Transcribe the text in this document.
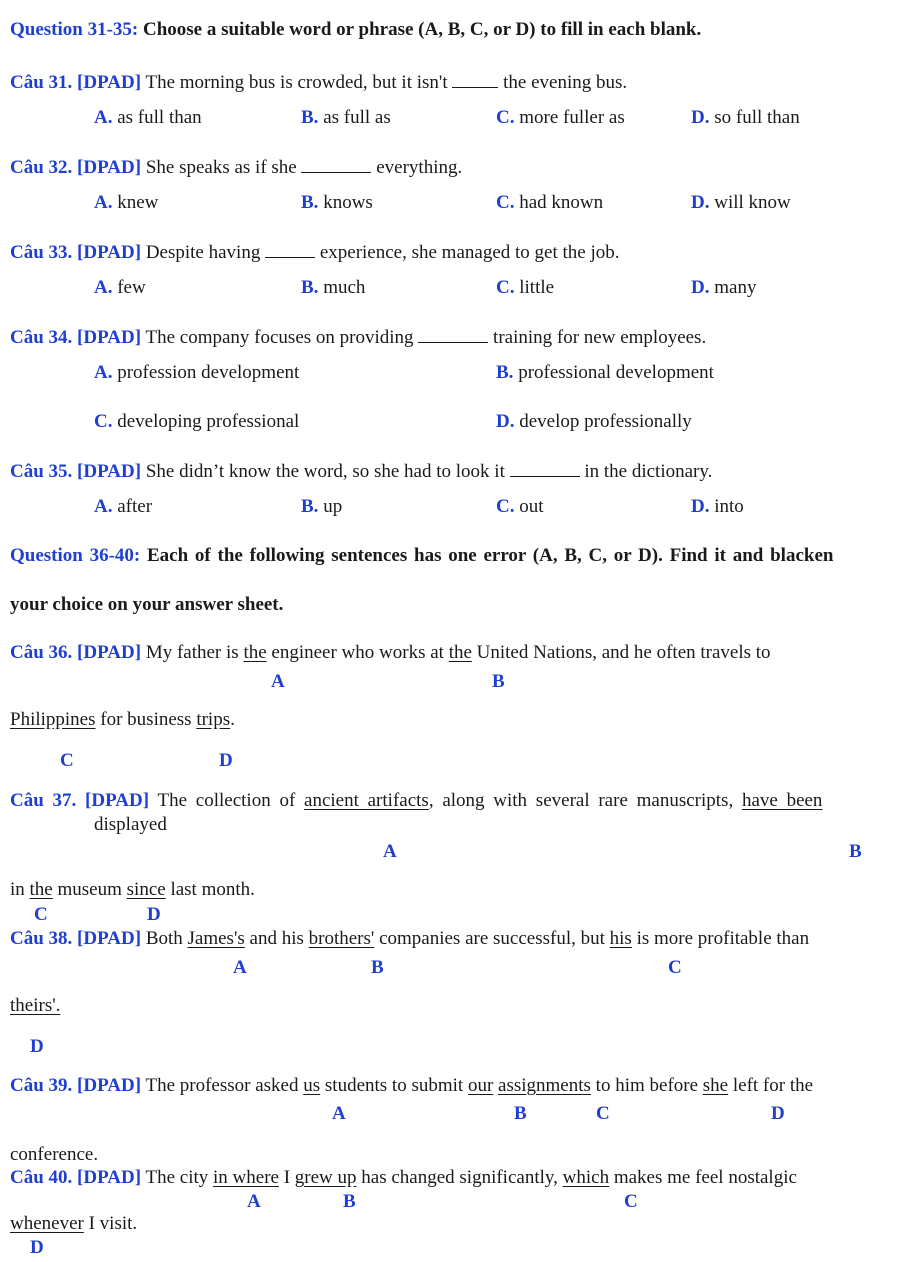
Question 31-35: Choose a suitable word or phrase (A, B, C, or D) to fill in each blank.
Câu 31. [DPAD] The morning bus is crowded, but it isn't	the evening bus.
A. as full than	B. as full as	C. more fuller as	D. so full than
Câu 32. [DPAD] She speaks as if she	everything.
A. knew	B. knows	C. had known	D. will know
Câu 33. [DPAD] Despite having	experience, she managed to get the job.
A. few	B. much	C. little	D. many
Câu 34. [DPAD] The company focuses on providing	training for new employees.
A. profession development	B. professional development
C. developing professional	D. develop professionally
Câu 35. [DPAD] She didn’t know the word, so she had to look it	in the dictionary.
A. after	B. up	C. out	D. into
Question 36-40: Each of the following sentences has one error (A, B, C, or D). Find it and blacken
your choice on your answer sheet.
Câu 36. [DPAD] My father is the engineer who works at the United Nations, and he often travels to
A	B
Philippines for business trips.
C	D
Câu 37. [DPAD] The collection of ancient artifacts, along with several rare manuscripts, have been
displayed
A	B
in the museum since last month.
C	D
Câu 38. [DPAD] Both James's and his brothers' companies are successful, but his is more profitable than
A	B	C
theirs'.
D
Câu 39. [DPAD] The professor asked us students to submit our assignments to him before she left for the
A	B	C	D
conference.
Câu 40. [DPAD] The city in where I grew up has changed significantly, which makes me feel nostalgic
A	B	C
whenever I visit.
D
